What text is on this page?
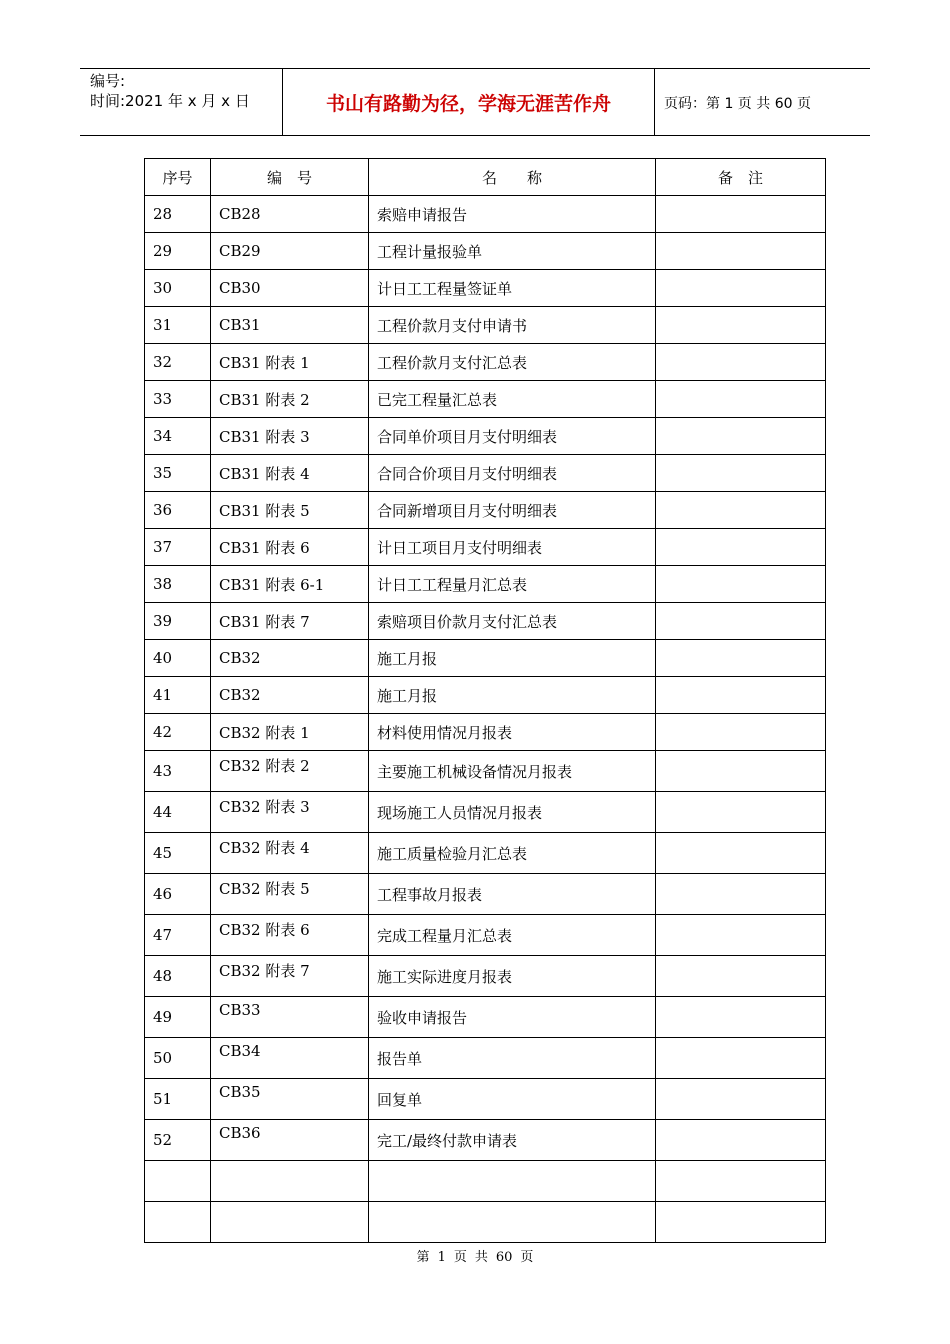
编号:
时间:2021 年 x 月 x 日	书山有路勤为径，学海无涯苦作舟	页码：第 1 页 共 60 页
序号	编　号	名　　称	备　注
28	CB28	索赔申请报告	
29	CB29	工程计量报验单	
30	CB30	计日工工程量签证单	
31	CB31	工程价款月支付申请书	
32	CB31 附表 1	工程价款月支付汇总表	
33	CB31 附表 2	已完工程量汇总表	
34	CB31 附表 3	合同单价项目月支付明细表	
35	CB31 附表 4	合同合价项目月支付明细表	
36	CB31 附表 5	合同新增项目月支付明细表	
37	CB31 附表 6	计日工项目月支付明细表	
38	CB31 附表 6-1	计日工工程量月汇总表	
39	CB31 附表 7	索赔项目价款月支付汇总表	
40	CB32	施工月报	
41	CB32	施工月报	
42	CB32 附表 1	材料使用情况月报表	
43	CB32 附表 2	主要施工机械设备情况月报表	
44	CB32 附表 3	现场施工人员情况月报表	
45	CB32 附表 4	施工质量检验月汇总表	
46	CB32 附表 5	工程事故月报表	
47	CB32 附表 6	完成工程量月汇总表	
48	CB32 附表 7	施工实际进度月报表	
49	CB33	验收申请报告	
50	CB34	报告单	
51	CB35	回复单	
52	CB36	完工/最终付款申请表	

第 1 页 共 60 页
